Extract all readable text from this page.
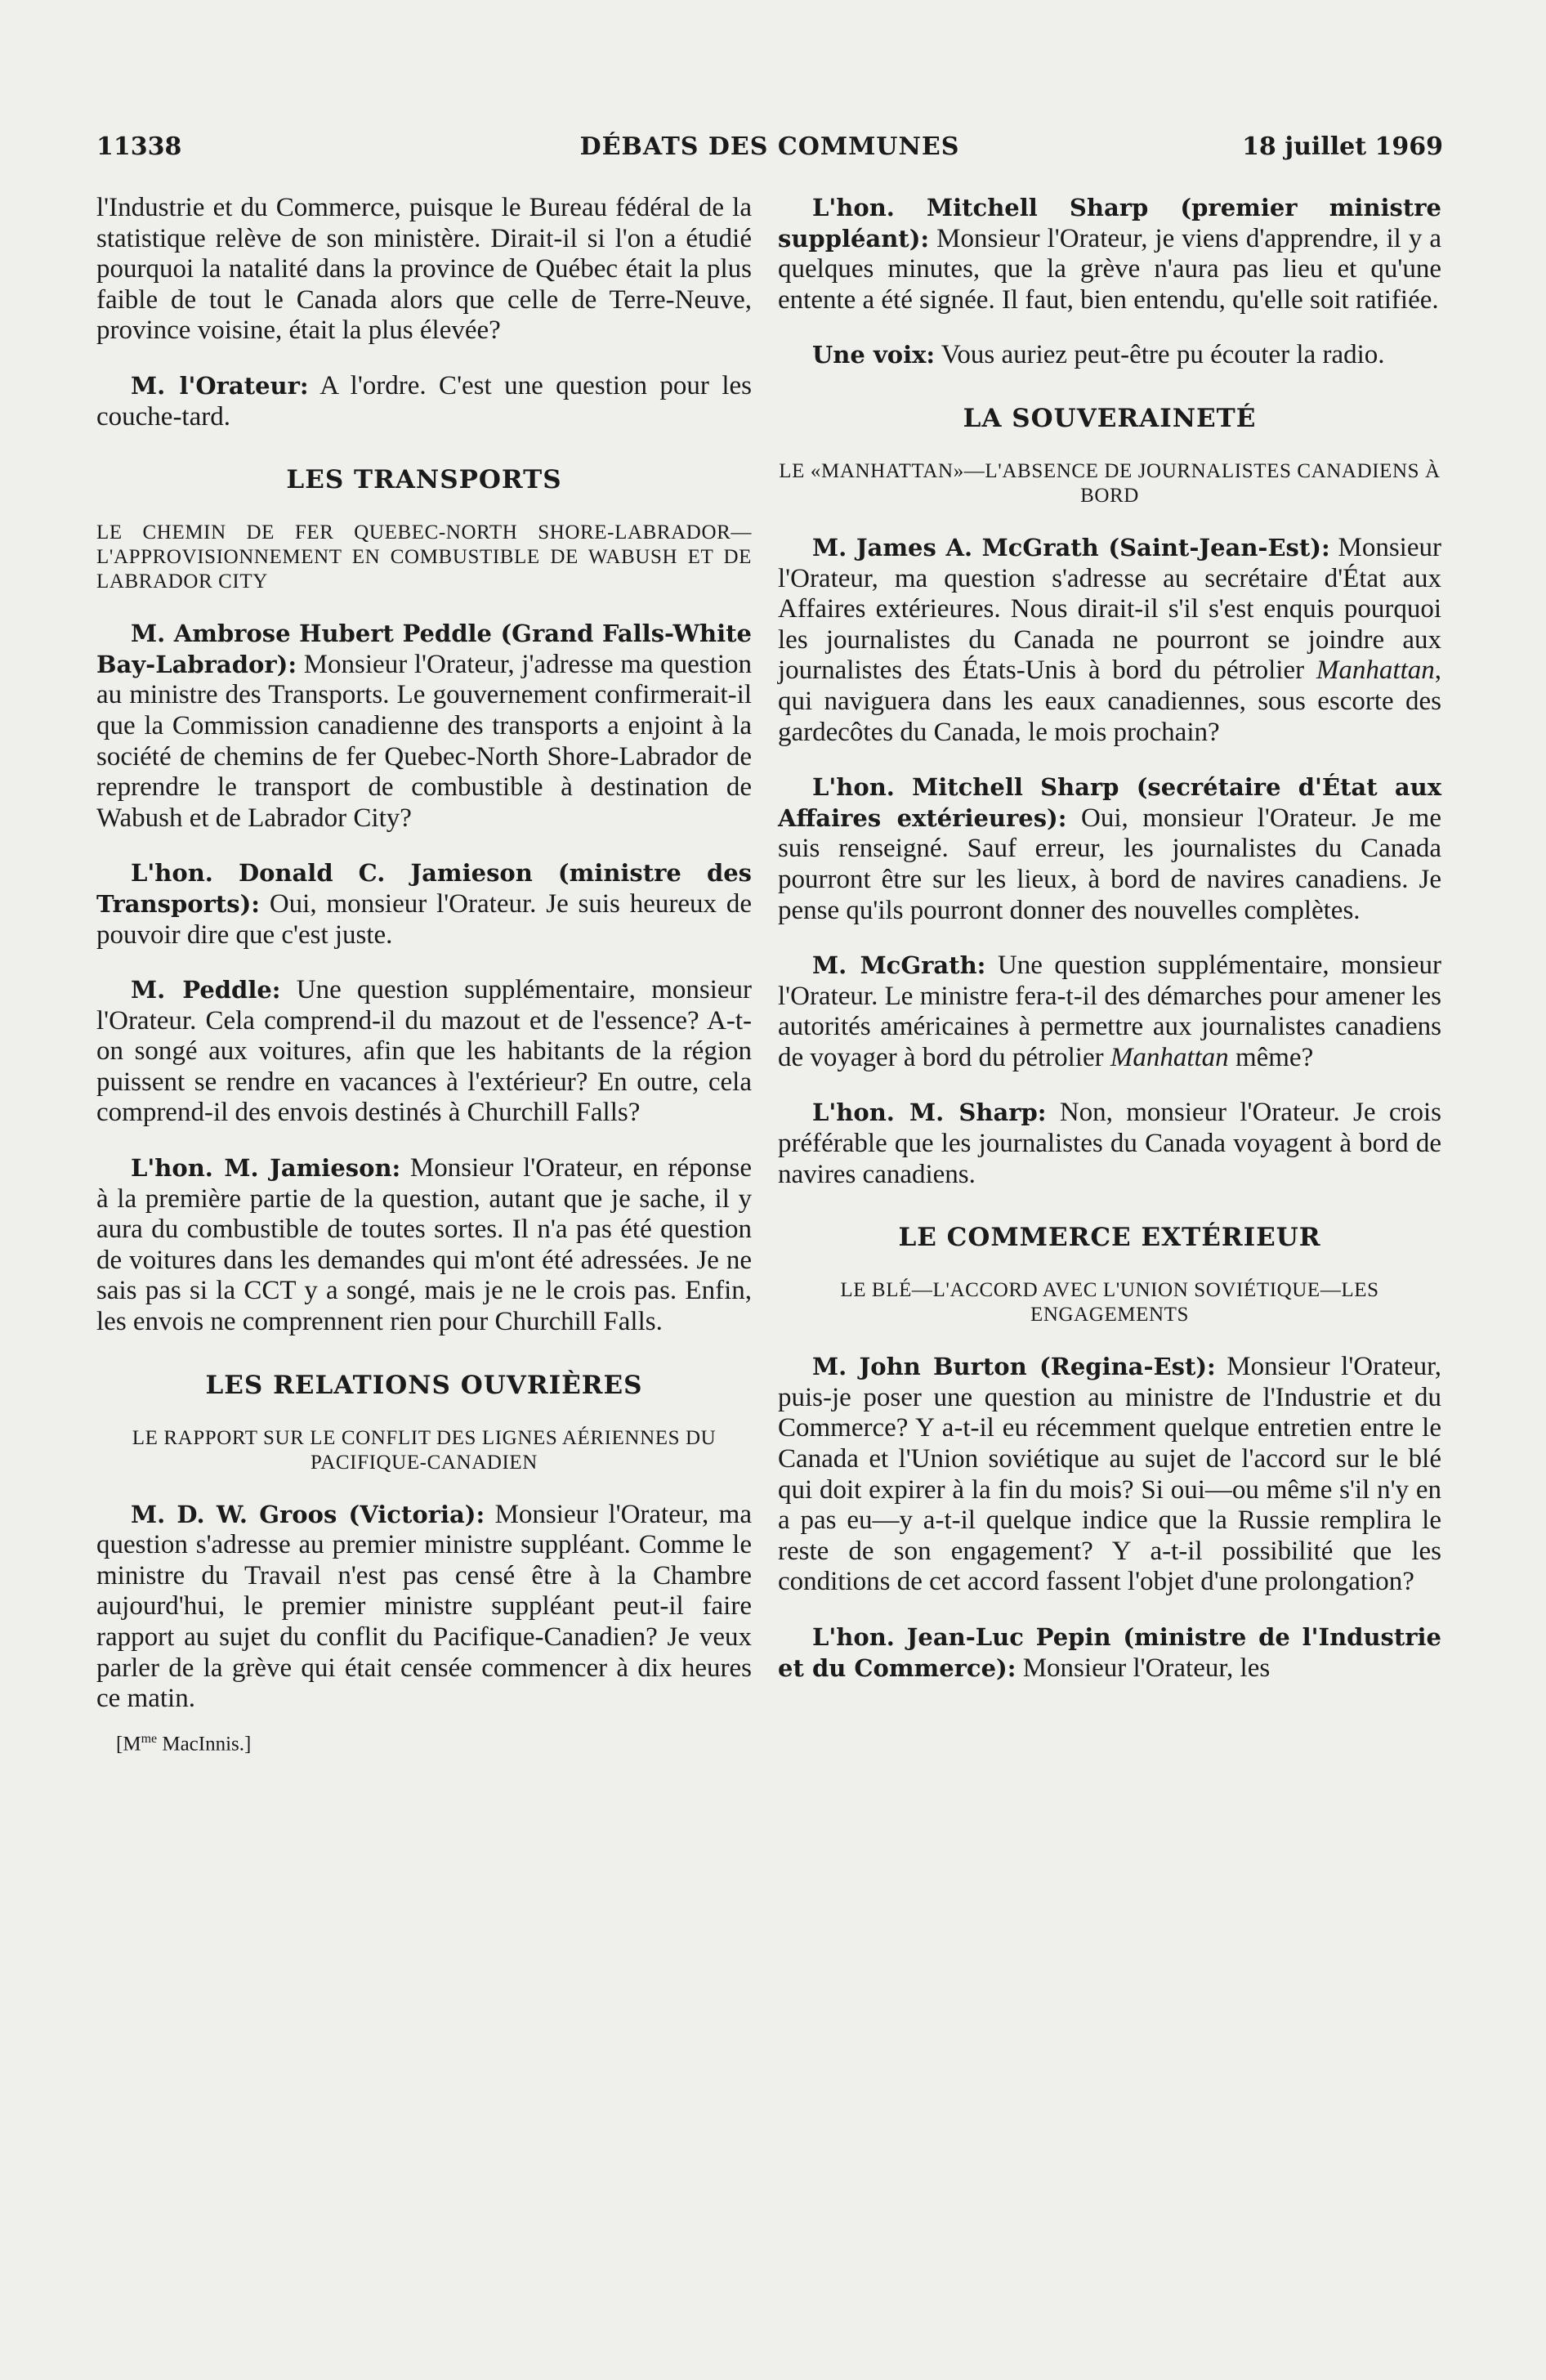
11338	DÉBATS DES COMMUNES	18 juillet 1969

l'Industrie et du Commerce, puisque le Bureau fédéral de la statistique relève de son ministère. Dirait-il si l'on a étudié pourquoi la natalité dans la province de Québec était la plus faible de tout le Canada alors que celle de Terre-Neuve, province voisine, était la plus élevée?

M. l'Orateur: A l'ordre. C'est une question pour les couche-tard.

LES TRANSPORTS

LE CHEMIN DE FER QUEBEC-NORTH SHORE-LABRADOR—L'APPROVISIONNEMENT EN COMBUSTIBLE DE WABUSH ET DE LABRADOR CITY

M. Ambrose Hubert Peddle (Grand Falls-White Bay-Labrador): Monsieur l'Orateur, j'adresse ma question au ministre des Transports. Le gouvernement confirmerait-il que la Commission canadienne des transports a enjoint à la société de chemins de fer Quebec-North Shore-Labrador de reprendre le transport de combustible à destination de Wabush et de Labrador City?

L'hon. Donald C. Jamieson (ministre des Transports): Oui, monsieur l'Orateur. Je suis heureux de pouvoir dire que c'est juste.

M. Peddle: Une question supplémentaire, monsieur l'Orateur. Cela comprend-il du mazout et de l'essence? A-t-on songé aux voitures, afin que les habitants de la région puissent se rendre en vacances à l'extérieur? En outre, cela comprend-il des envois destinés à Churchill Falls?

L'hon. M. Jamieson: Monsieur l'Orateur, en réponse à la première partie de la question, autant que je sache, il y aura du combustible de toutes sortes. Il n'a pas été question de voitures dans les demandes qui m'ont été adressées. Je ne sais pas si la CCT y a songé, mais je ne le crois pas. Enfin, les envois ne comprennent rien pour Churchill Falls.

LES RELATIONS OUVRIÈRES

LE RAPPORT SUR LE CONFLIT DES LIGNES AÉRIENNES DU PACIFIQUE-CANADIEN

M. D. W. Groos (Victoria): Monsieur l'Orateur, ma question s'adresse au premier ministre suppléant. Comme le ministre du Travail n'est pas censé être à la Chambre aujourd'hui, le premier ministre suppléant peut-il faire rapport au sujet du conflit du Pacifique-Canadien? Je veux parler de la grève qui était censée commencer à dix heures ce matin.

[$M^{me}$ MacInnis.]

L'hon. Mitchell Sharp (premier ministre suppléant): Monsieur l'Orateur, je viens d'apprendre, il y a quelques minutes, que la grève n'aura pas lieu et qu'une entente a été signée. Il faut, bien entendu, qu'elle soit ratifiée.

Une voix: Vous auriez peut-être pu écouter la radio.

LA SOUVERAINETÉ

LE «MANHATTAN»—L'ABSENCE DE JOURNALISTES CANADIENS À BORD

M. James A. McGrath (Saint-Jean-Est): Monsieur l'Orateur, ma question s'adresse au secrétaire d'État aux Affaires extérieures. Nous dirait-il s'il s'est enquis pourquoi les journalistes du Canada ne pourront se joindre aux journalistes des États-Unis à bord du pétrolier Manhattan, qui naviguera dans les eaux canadiennes, sous escorte des gardecôtes du Canada, le mois prochain?

L'hon. Mitchell Sharp (secrétaire d'État aux Affaires extérieures): Oui, monsieur l'Orateur. Je me suis renseigné. Sauf erreur, les journalistes du Canada pourront être sur les lieux, à bord de navires canadiens. Je pense qu'ils pourront donner des nouvelles complètes.

M. McGrath: Une question supplémentaire, monsieur l'Orateur. Le ministre fera-t-il des démarches pour amener les autorités américaines à permettre aux journalistes canadiens de voyager à bord du pétrolier Manhattan même?

L'hon. M. Sharp: Non, monsieur l'Orateur. Je crois préférable que les journalistes du Canada voyagent à bord de navires canadiens.

LE COMMERCE EXTÉRIEUR

LE BLÉ—L'ACCORD AVEC L'UNION SOVIÉTIQUE—LES ENGAGEMENTS

M. John Burton (Regina-Est): Monsieur l'Orateur, puis-je poser une question au ministre de l'Industrie et du Commerce? Y a-t-il eu récemment quelque entretien entre le Canada et l'Union soviétique au sujet de l'accord sur le blé qui doit expirer à la fin du mois? Si oui—ou même s'il n'y en a pas eu—y a-t-il quelque indice que la Russie remplira le reste de son engagement? Y a-t-il possibilité que les conditions de cet accord fassent l'objet d'une prolongation?

L'hon. Jean-Luc Pepin (ministre de l'Industrie et du Commerce): Monsieur l'Orateur, les
